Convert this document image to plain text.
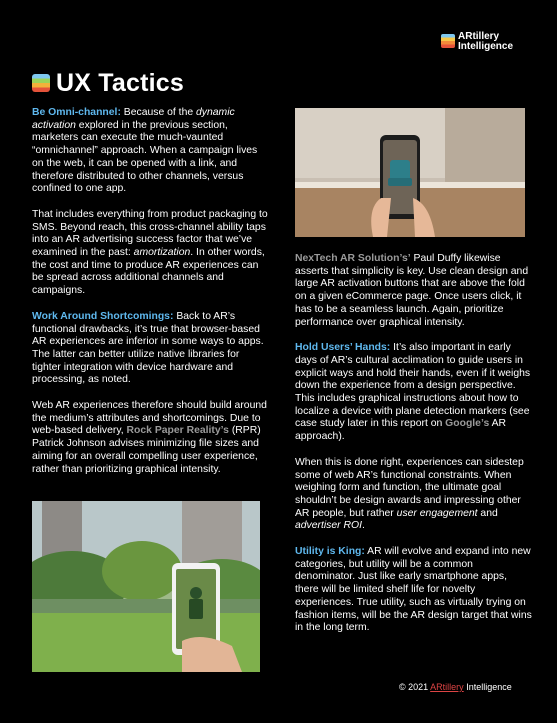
ARtillery
Intelligence
UX Tactics

Be Omni-channel: Because of the dynamic activation explored in the previous section, marketers can execute the much-vaunted “omnichannel” approach. When a campaign lives on the web, it can be opened with a link, and therefore distributed to other channels, versus confined to one app.

That includes everything from product packaging to SMS. Beyond reach, this cross-channel ability taps into an AR advertising success factor that we’ve examined in the past: amortization. In other words, the cost and time to produce AR experiences can be spread across additional channels and campaigns.

Work Around Shortcomings: Back to AR’s functional drawbacks, it’s true that browser-based AR experiences are inferior in some ways to apps. The latter can better utilize native libraries for tighter integration with device hardware and processing, as noted.

Web AR experiences therefore should build around the medium’s attributes and shortcomings. Due to web-based delivery, Rock Paper Reality’s (RPR) Patrick Johnson advises minimizing file sizes and aiming for an overall compelling user experience, rather than prioritizing graphical intensity.

NexTech AR Solution’s’ Paul Duffy likewise asserts that simplicity is key. Use clean design and large AR activation buttons that are above the fold on a given eCommerce page. Once users click, it has to be a seamless launch. Again, prioritize performance over graphical intensity.

Hold Users’ Hands: It’s also important in early days of AR’s cultural acclimation to guide users in explicit ways and hold their hands, even if it weighs down the experience from a design perspective. This includes graphical instructions about how to localize a device with plane detection markers (see case study later in this report on Google’s AR approach).

When this is done right, experiences can sidestep some of web AR’s functional constraints. When weighing form and function, the ultimate goal shouldn’t be design awards and impressing other AR people, but rather user engagement and advertiser ROI.

Utility is King: AR will evolve and expand into new categories, but utility will be a common denominator. Just like early smartphone apps, there will be limited shelf life for novelty experiences. True utility, such as virtually trying on fashion items, will be the AR design target that wins in the long term.

© 2021 ARtillery Intelligence
